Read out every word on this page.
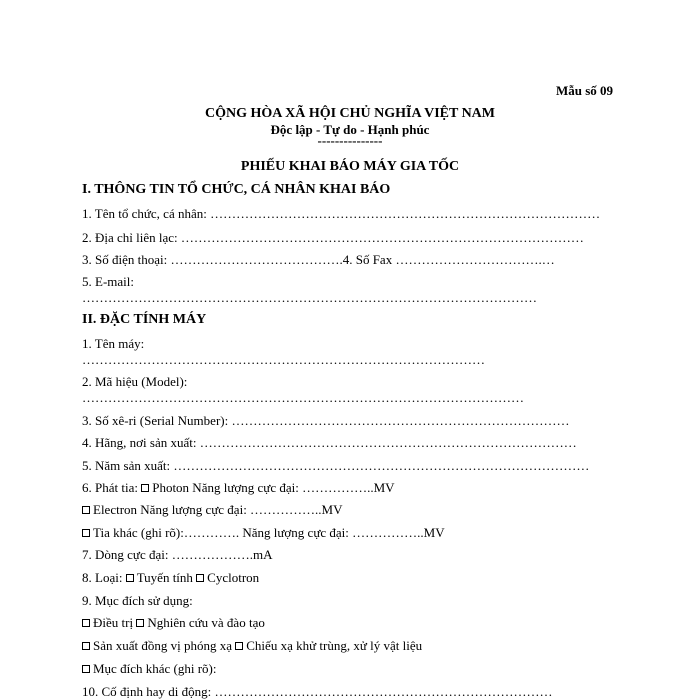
Mẫu số 09
CỘNG HÒA XÃ HỘI CHỦ NGHĨA VIỆT NAM
Độc lập - Tự do - Hạnh phúc
---------------
PHIẾU KHAI BÁO MÁY GIA TỐC
I. THÔNG TIN TỔ CHỨC, CÁ NHÂN KHAI BÁO
1. Tên tổ chức, cá nhân: ………………………………………………………………………………
2. Địa chỉ liên lạc: …………………………………………………………………………………
3. Số điện thoại: ………………………………….4. Số Fax …………………………….…
5. E-mail:
……………………………………………………………………………………………
II. ĐẶC TÍNH MÁY
1. Tên máy:
…………………………………………………………………………………
2. Mã hiệu (Model):
…………………………………………………………………………………………
3. Số xê-ri (Serial Number): ……………………………………………………………………
4. Hãng, nơi sản xuất: ……………………………………………………………………………
5. Năm sản xuất: ……………………………………………………………………………………
6. Phát tia: Photon Năng lượng cực đại: ……………..MV
Electron Năng lượng cực đại: ……………..MV
Tia khác (ghi rõ):…………. Năng lượng cực đại: ……………..MV
7. Dòng cực đại: ……………….mA
8. Loại: Tuyến tính Cyclotron
9. Mục đích sử dụng:
Điều trị Nghiên cứu và đào tạo
Sản xuất đồng vị phóng xạ Chiếu xạ khử trùng, xử lý vật liệu
Mục đích khác (ghi rõ):
10. Cố định hay di động: ……………………………………………………………………
